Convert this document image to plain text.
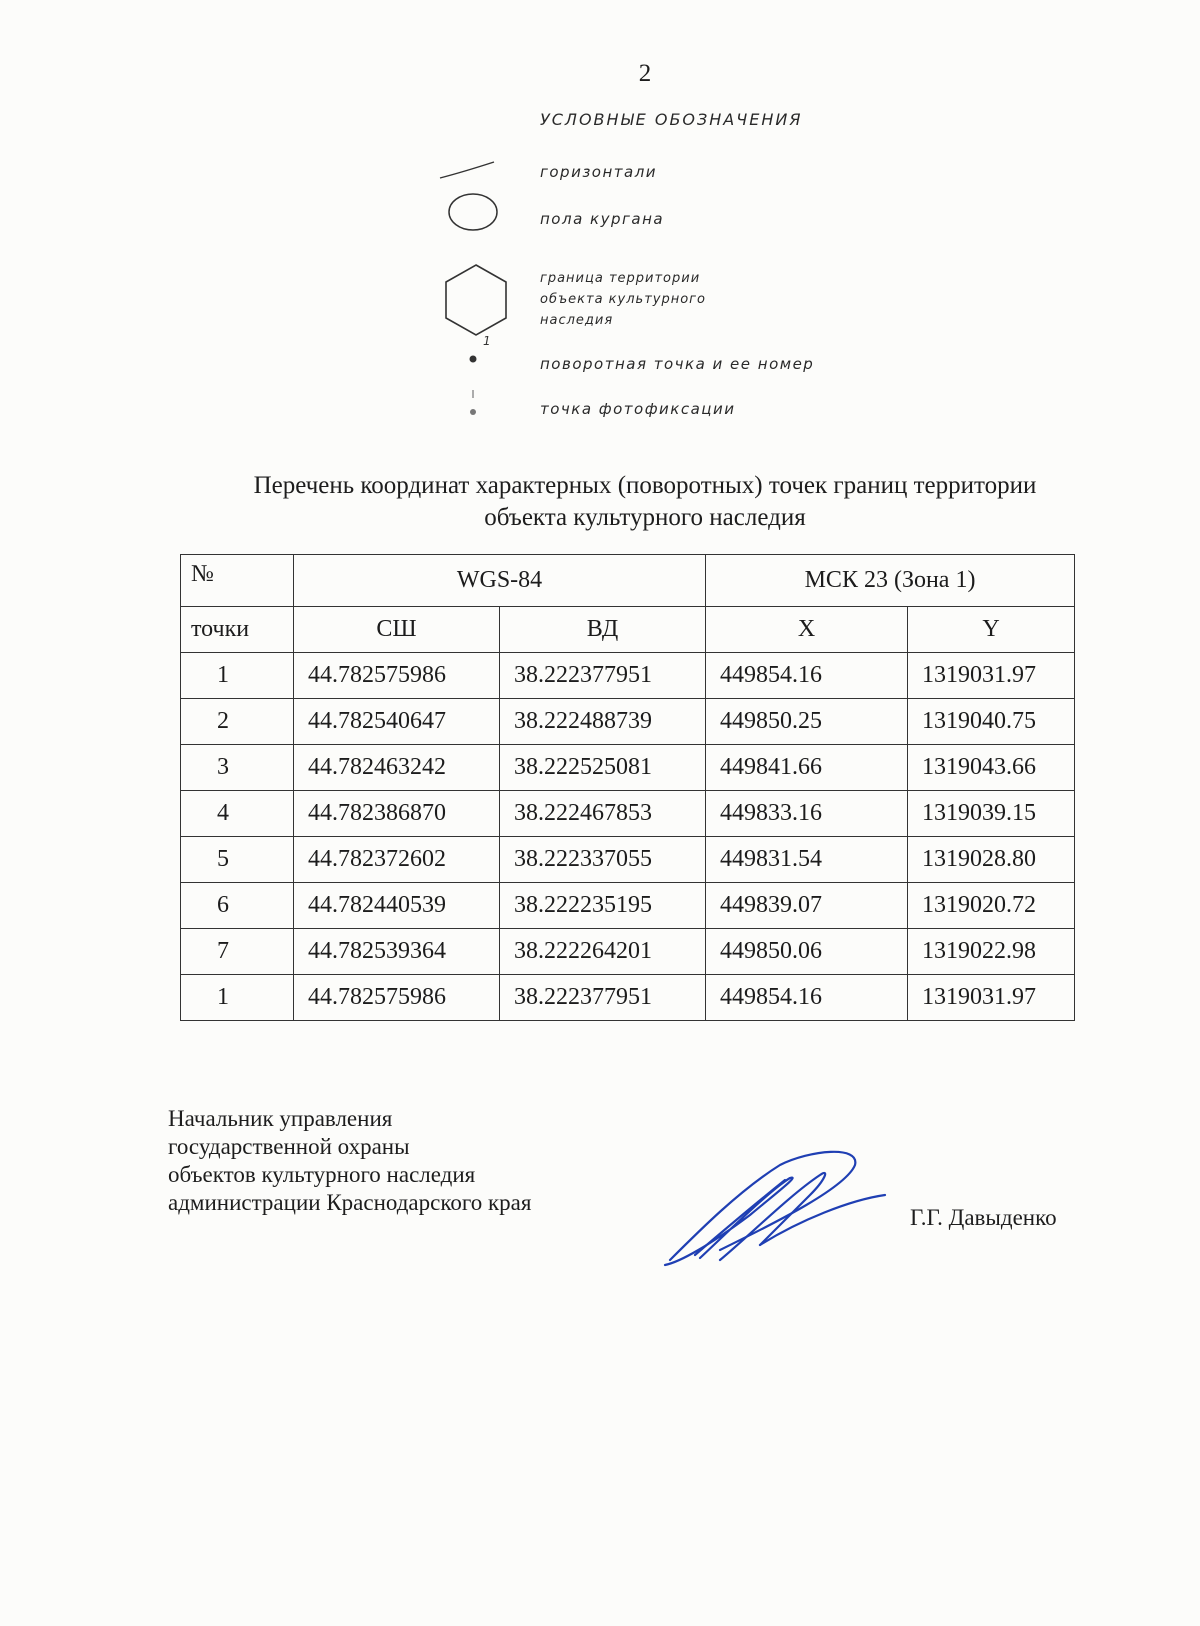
2
УСЛОВНЫЕ ОБОЗНАЧЕНИЯ
горизонтали
пола кургана
граница территории
объекта культурного
наследия
1
поворотная точка и ее номер
точка фотофиксации
Перечень координат характерных (поворотных) точек границ территории
объекта культурного наследия
№	WGS-84		МСК 23 (Зона 1)	
точки	СШ	ВД	X	Y
1	44.782575986	38.222377951	449854.16	1319031.97
2	44.782540647	38.222488739	449850.25	1319040.75
3	44.782463242	38.222525081	449841.66	1319043.66
4	44.782386870	38.222467853	449833.16	1319039.15
5	44.782372602	38.222337055	449831.54	1319028.80
6	44.782440539	38.222235195	449839.07	1319020.72
7	44.782539364	38.222264201	449850.06	1319022.98
1	44.782575986	38.222377951	449854.16	1319031.97
Начальник управления
государственной охраны
объектов культурного наследия
администрации Краснодарского края
Г.Г. Давыденко
